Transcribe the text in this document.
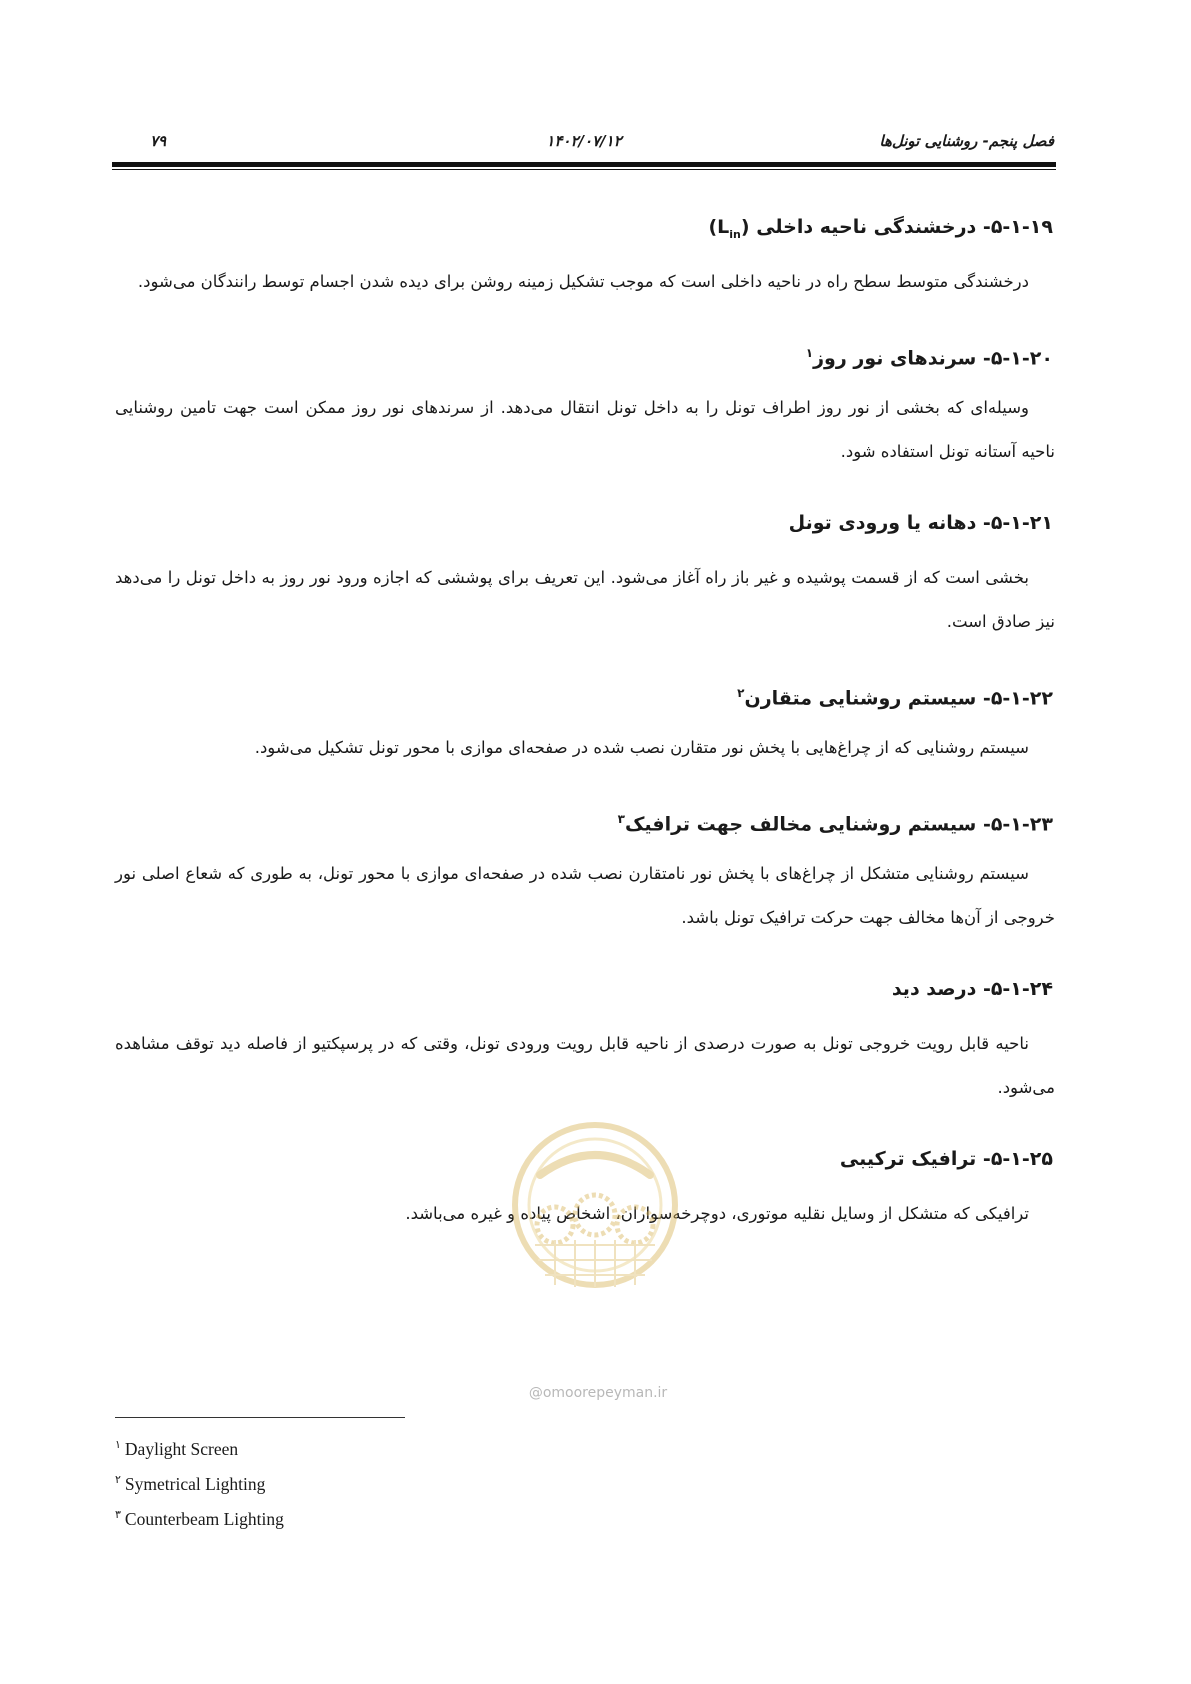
۷۹	۱۴۰۲/۰۷/۱۲	فصل پنجم- روشنایی تونل‌ها
۵-۱-۱۹- درخشندگی ناحیه داخلی $(L_{in})$

درخشندگی متوسط سطح راه در ناحیه داخلی است که موجب تشکیل زمینه روشن برای دیده شدن اجسام توسط رانندگان می‌شود.

۵-۱-۲۰- سرندهای نور روز$^۱$

وسیله‌ای که بخشی از نور روز اطراف تونل را به داخل تونل انتقال می‌دهد. از سرندهای نور روز ممکن است جهت تامین روشنایی ناحیه آستانه تونل استفاده شود.

۵-۱-۲۱- دهانه یا ورودی تونل

بخشی است که از قسمت پوشیده و غیر باز راه آغاز می‌شود. این تعریف برای پوششی که اجازه ورود نور روز به داخل تونل را می‌دهد نیز صادق است.

۵-۱-۲۲- سیستم روشنایی متقارن$^۲$

سیستم روشنایی که از چراغ‌هایی با پخش نور متقارن نصب شده در صفحه‌ای موازی با محور تونل تشکیل می‌شود.

۵-۱-۲۳- سیستم روشنایی مخالف جهت ترافیک$^۳$

سیستم روشنایی متشکل از چراغ‌های با پخش نور نامتقارن نصب شده در صفحه‌ای موازی با محور تونل، به طوری که شعاع اصلی نور خروجی از آن‌ها مخالف جهت حرکت ترافیک تونل باشد.

۵-۱-۲۴- درصد دید

ناحیه قابل رویت خروجی تونل به صورت درصدی از ناحیه قابل رویت ورودی تونل، وقتی که در پرسپکتیو از فاصله دید توقف مشاهده می‌شود.

۵-۱-۲۵- ترافیک ترکیبی

ترافیکی که متشکل از وسایل نقلیه موتوری، دوچرخه‌سواران، اشخاص پیاده و غیره می‌باشد.

@omoorepeyman.ir
$^۱$ Daylight Screen
$^۲$ Symetrical Lighting
$^۳$ Counterbeam Lighting
